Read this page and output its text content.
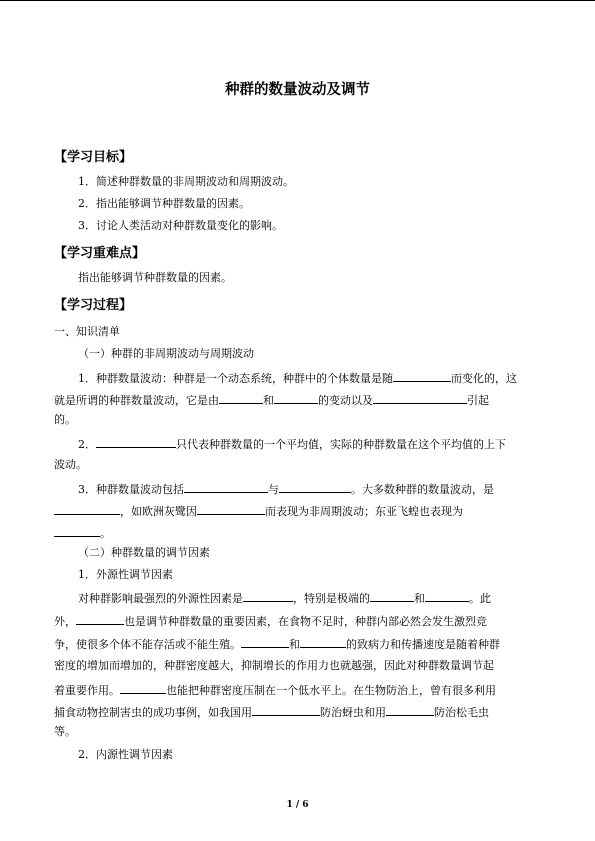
种群的数量波动及调节
【学习目标】
1．简述种群数量的非周期波动和周期波动。
2．指出能够调节种群数量的因素。
3．讨论人类活动对种群数量变化的影响。
【学习重难点】
指出能够调节种群数量的因素。
【学习过程】
一、知识清单
（一）种群的非周期波动与周期波动
1．种群数量波动：种群是一个动态系统，种群中的个体数量是随	而变化的，这
就是所谓的种群数量波动，它是由	和	的变动以及	引起
的。
2．	只代表种群数量的一个平均值，实际的种群数量在这个平均值的上下
波动。
3．种群数量波动包括	与	。大多数种群的数量波动，是
，如欧洲灰鹭因	而表现为非周期波动；东亚飞蝗也表现为
。
（二）种群数量的调节因素
1．外源性调节因素
对种群影响最强烈的外源性因素是	，特别是极端的	和	。此
外，	也是调节种群数量的重要因素，在食物不足时，种群内部必然会发生激烈竞
争，使很多个体不能存活或不能生殖。	和	的致病力和传播速度是随着种群
密度的增加而增加的，种群密度越大，抑制增长的作用力也就越强，因此对种群数量调节起
着重要作用。	也能把种群密度压制在一个低水平上。在生物防治上，曾有很多利用
捕食动物控制害虫的成功事例，如我国用	防治蚜虫和用	防治松毛虫
等。
2．内源性调节因素
1 / 6
